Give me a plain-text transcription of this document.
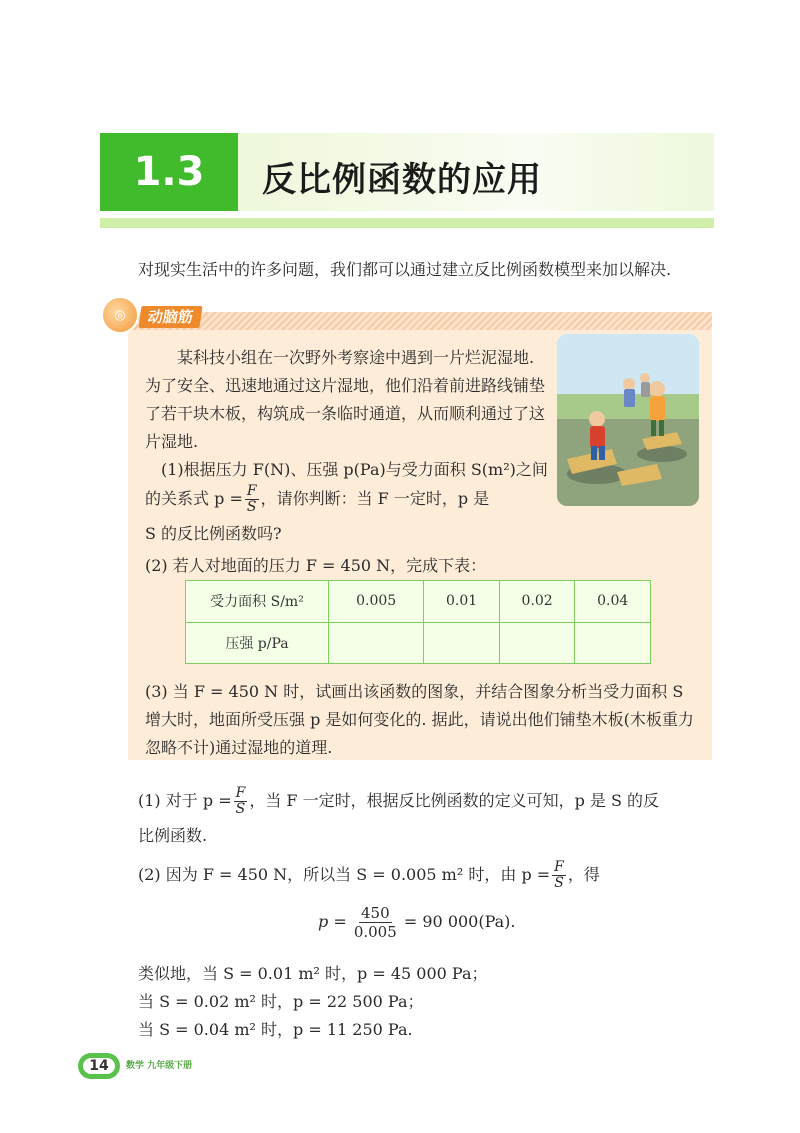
1.3	反比例函数的应用
对现实生活中的许多问题，我们都可以通过建立反比例函数模型来加以解决.
◎	动脑筋
某科技小组在一次野外考察途中遇到一片烂泥湿地. 为了安全、迅速地通过这片湿地，他们沿着前进路线铺垫了若干块木板，构筑成一条临时通道，从而顺利通过了这片湿地.
(1)根据压力 F(N)、压强 p(Pa)与受力面积 S(m²)之间的关系式 $p = \frac{F}{S}$ ，请你判断：当 F 一定时，p 是
S 的反比例函数吗?
(2) 若人对地面的压力 F = 450 N，完成下表：
受力面积 S/m²	0.005	0.01	0.02	0.04
压强 p/Pa				
(3) 当 F = 450 N 时，试画出该函数的图象，并结合图象分析当受力面积 S 增大时，地面所受压强 p 是如何变化的. 据此，请说出他们铺垫木板(木板重力忽略不计)通过湿地的道理.
(1) 对于 $p = \frac{F}{S}$ ，当 F 一定时，根据反比例函数的定义可知，p 是 S 的反
比例函数.
(2) 因为 F = 450 N，所以当 S = 0.005 m² 时，由 $p = \frac{F}{S}$ ，得
$p = \frac{450}{0.005} = 90$ 000(Pa).
类似地，当 S = 0.01 m² 时，p = 45 000 Pa；
当 S = 0.02 m² 时，p = 22 500 Pa；
当 S = 0.04 m² 时，p = 11 250 Pa.
14	数学 九年级下册
